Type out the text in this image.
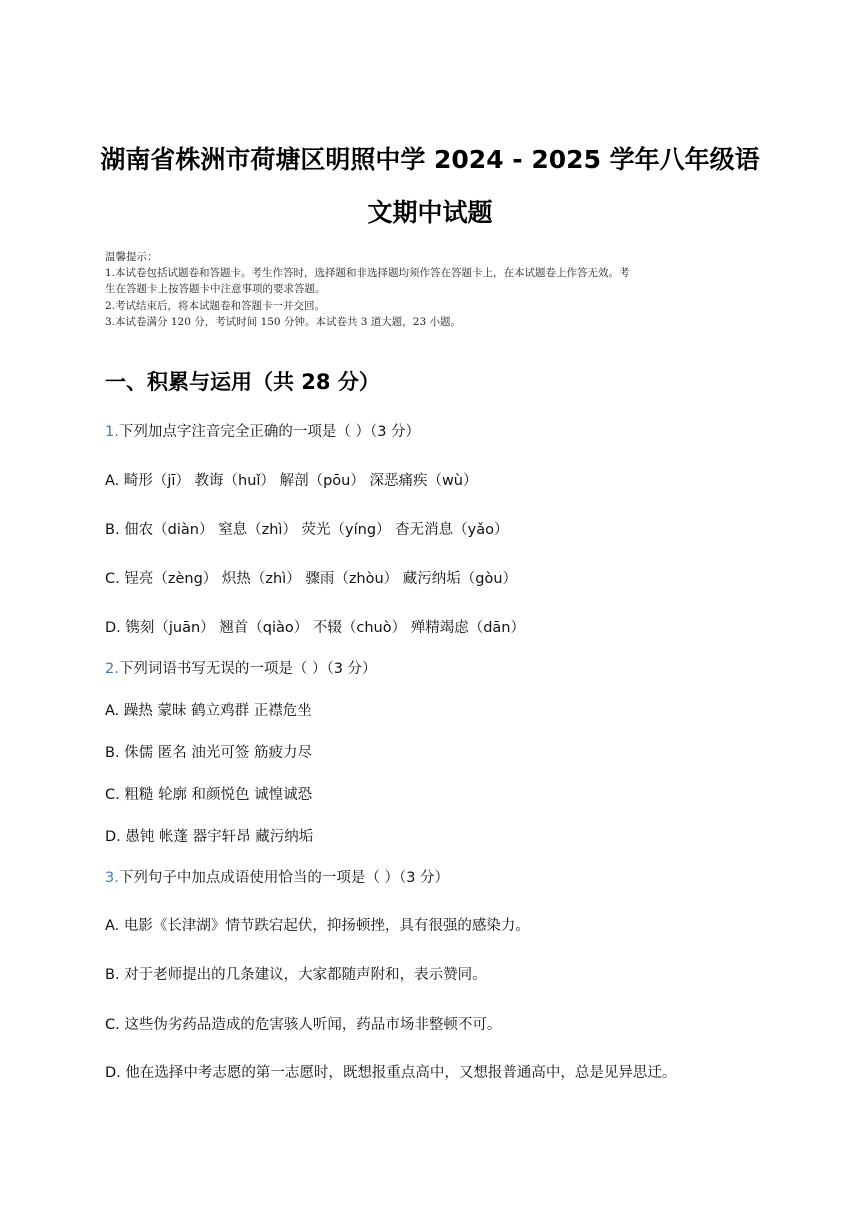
湖南省株洲市荷塘区明照中学 2024 - 2025 学年八年级语
文期中试题
温馨提示：
1.本试卷包括试题卷和答题卡。考生作答时，选择题和非选择题均须作答在答题卡上，在本试题卷上作答无效。考
生在答题卡上按答题卡中注意事项的要求答题。
2.考试结束后，将本试题卷和答题卡一并交回。
3.本试卷满分 120 分，考试时间 150 分钟。本试卷共 3 道大题，23 小题。
一、积累与运用（共 28 分）
1.下列加点字注音完全正确的一项是（ ）（3 分）
A. 畸形（jī） 教诲（huǐ） 解剖（pōu） 深恶痛疾（wù）
B. 佃农（diàn） 窒息（zhì） 荧光（yíng） 杳无消息（yǎo）
C. 锃亮（zèng） 炽热（zhì） 骤雨（zhòu） 藏污纳垢（gòu）
D. 镌刻（juān） 翘首（qiào） 不辍（chuò） 殚精竭虑（dān）
2.下列词语书写无误的一项是（ ）（3 分）
A. 躁热 蒙昧 鹤立鸡群 正襟危坐
B. 侏儒 匿名 油光可签 筋疲力尽
C. 粗糙 轮廓 和颜悦色 诚惶诚恐
D. 愚钝 帐蓬 器宇轩昂 藏污纳垢
3.下列句子中加点成语使用恰当的一项是（ ）（3 分）
A. 电影《长津湖》情节跌宕起伏，抑扬顿挫，具有很强的感染力。
B. 对于老师提出的几条建议，大家都随声附和，表示赞同。
C. 这些伪劣药品造成的危害骇人听闻，药品市场非整顿不可。
D. 他在选择中考志愿的第一志愿时，既想报重点高中，又想报普通高中，总是见异思迁。
